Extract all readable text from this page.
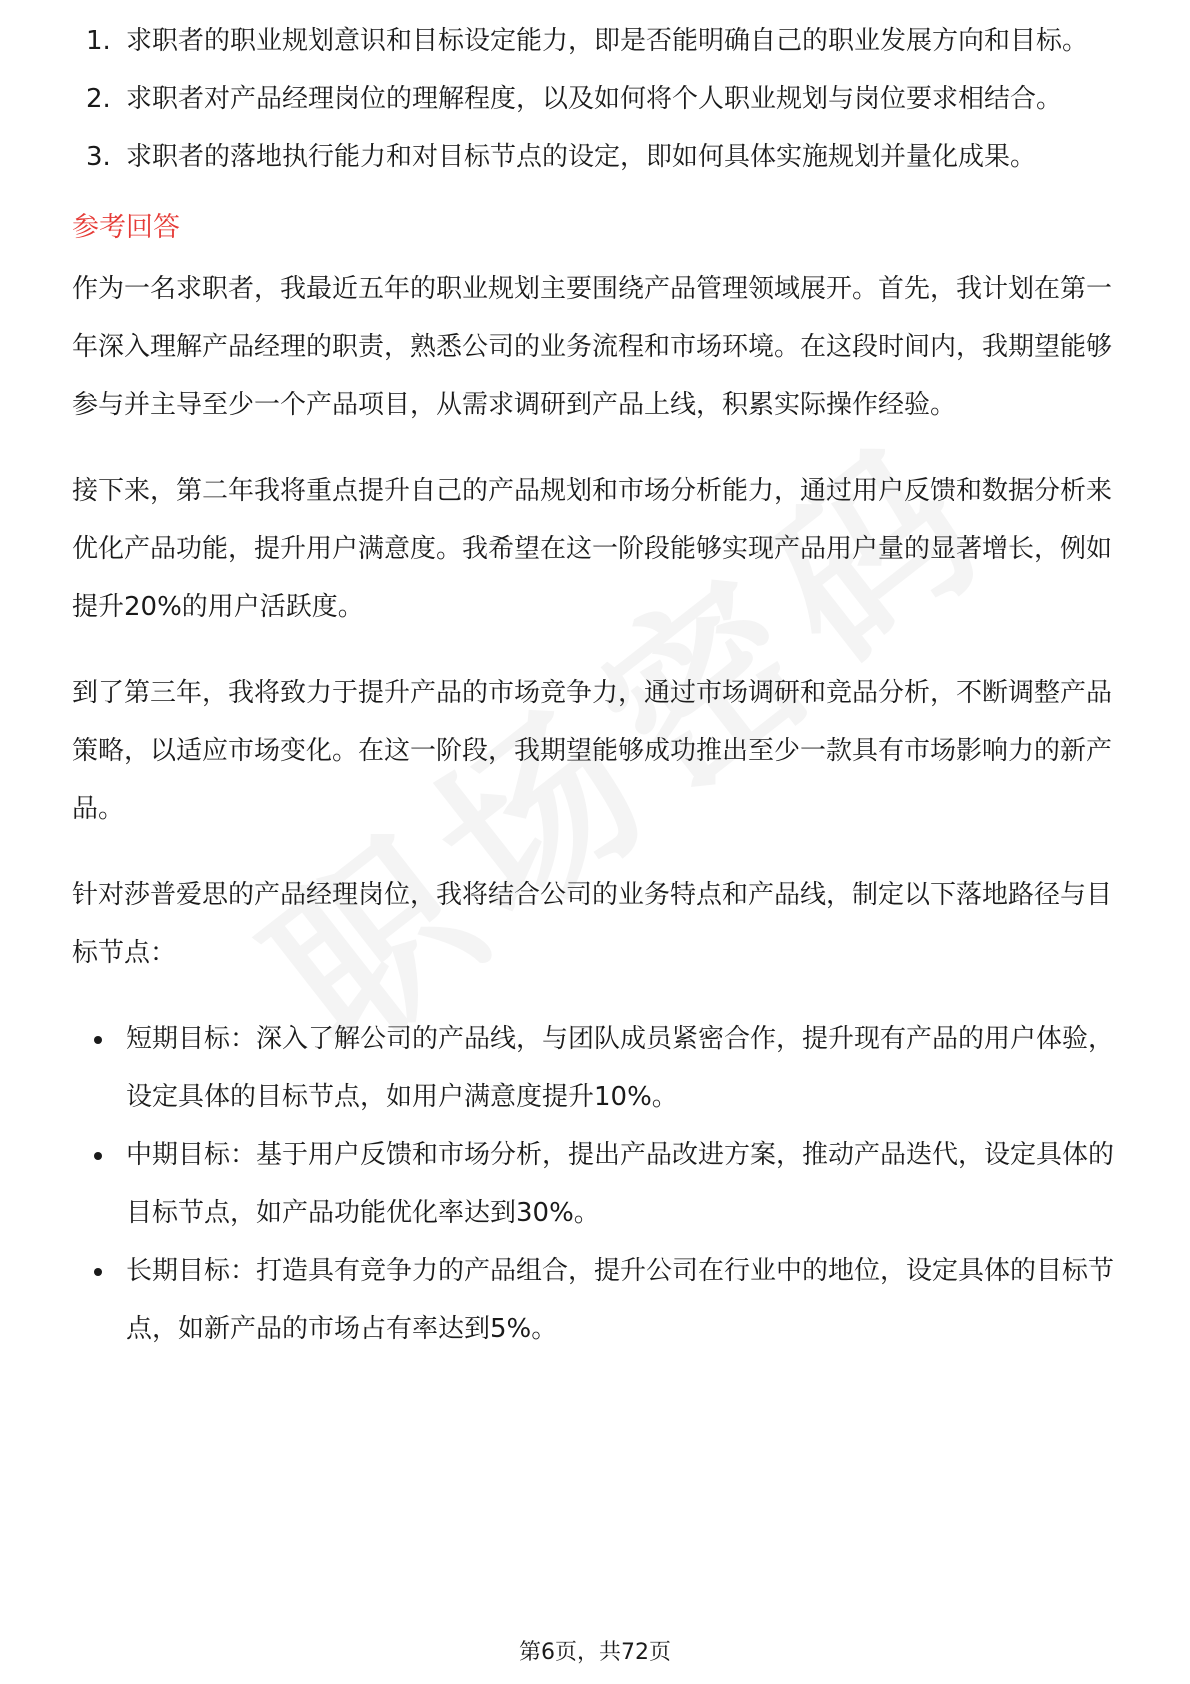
1. 求职者的职业规划意识和目标设定能力，即是否能明确自己的职业发展方向和目标。
2. 求职者对产品经理岗位的理解程度，以及如何将个人职业规划与岗位要求相结合。
3. 求职者的落地执行能力和对目标节点的设定，即如何具体实施规划并量化成果。
参考回答

作为一名求职者，我最近五年的职业规划主要围绕产品管理领域展开。首先，我计划在第一年深入理解产品经理的职责，熟悉公司的业务流程和市场环境。在这段时间内，我期望能够参与并主导至少一个产品项目，从需求调研到产品上线，积累实际操作经验。

接下来，第二年我将重点提升自己的产品规划和市场分析能力，通过用户反馈和数据分析来优化产品功能，提升用户满意度。我希望在这一阶段能够实现产品用户量的显著增长，例如提升20%的用户活跃度。

到了第三年，我将致力于提升产品的市场竞争力，通过市场调研和竞品分析，不断调整产品策略，以适应市场变化。在这一阶段，我期望能够成功推出至少一款具有市场影响力的新产品。

针对莎普爱思的产品经理岗位，我将结合公司的业务特点和产品线，制定以下落地路径与目标节点：

短期目标：深入了解公司的产品线，与团队成员紧密合作，提升现有产品的用户体验，设定具体的目标节点，如用户满意度提升10%。
中期目标：基于用户反馈和市场分析，提出产品改进方案，推动产品迭代，设定具体的目标节点，如产品功能优化率达到30%。
长期目标：打造具有竞争力的产品组合，提升公司在行业中的地位，设定具体的目标节点，如新产品的市场占有率达到5%。
第6页，共72页
